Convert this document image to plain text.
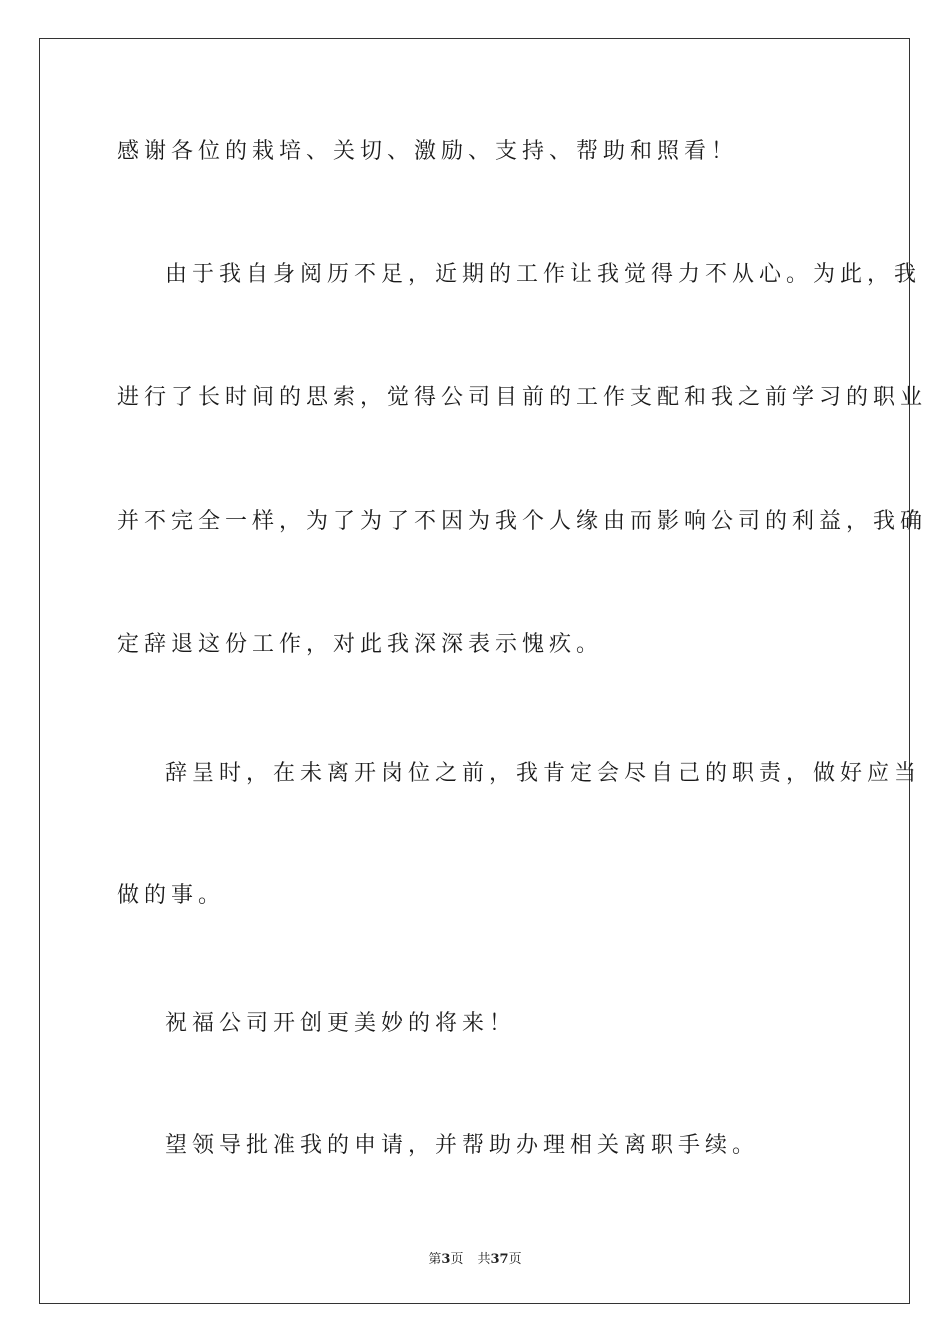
感谢各位的栽培、关切、激励、支持、帮助和照看！
由于我自身阅历不足，近期的工作让我觉得力不从心。为此，我
进行了长时间的思索，觉得公司目前的工作支配和我之前学习的职业
并不完全一样，为了为了不因为我个人缘由而影响公司的利益，我确
定辞退这份工作，对此我深深表示愧疚。
辞呈时，在未离开岗位之前，我肯定会尽自己的职责，做好应当
做的事。
祝福公司开创更美妙的将来！
望领导批准我的申请，并帮助办理相关离职手续。
第3页 共37页
